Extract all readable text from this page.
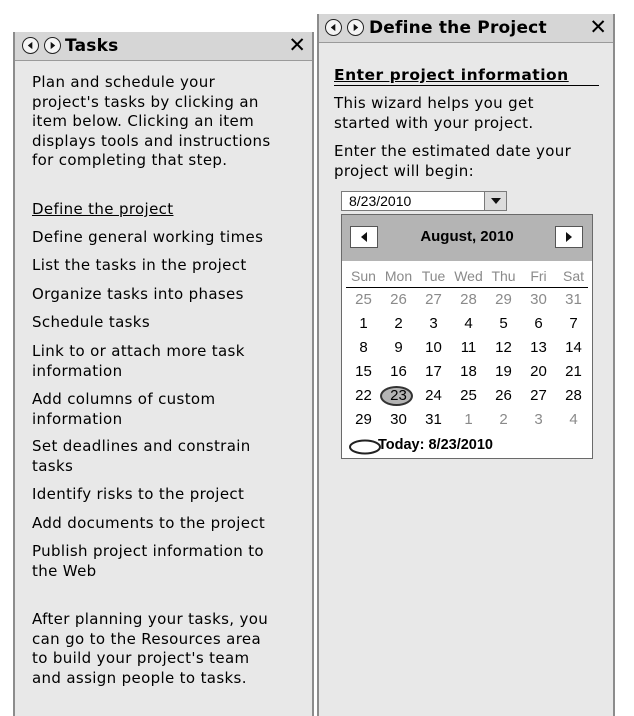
Tasks	✕
Plan and schedule your
project's tasks by clicking an
item below. Clicking an item
displays tools and instructions
for completing that step.
Define the project
Define general working times
List the tasks in the project
Organize tasks into phases
Schedule tasks
Link to or attach more task
information
Add columns of custom
information
Set deadlines and constrain
tasks
Identify risks to the project
Add documents to the project
Publish project information to
the Web
After planning your tasks, you
can go to the Resources area
to build your project's team
and assign people to tasks.
Define the Project ✕
Enter project information
This wizard helps you get
started with your project.
Enter the estimated date your
project will begin:
8/23/2010
August, 2010
Sun Mon Tue Wed Thu	Fri	Sat
25	26	27	28	29	30	31
1	2	3	4	5	6	7
8	9	10	11	12	13	14
15	16	17	18	19	20	21
22	23	24	25	26	27	28
29	30	31	1	2	3	4
Today: 8/23/2010
